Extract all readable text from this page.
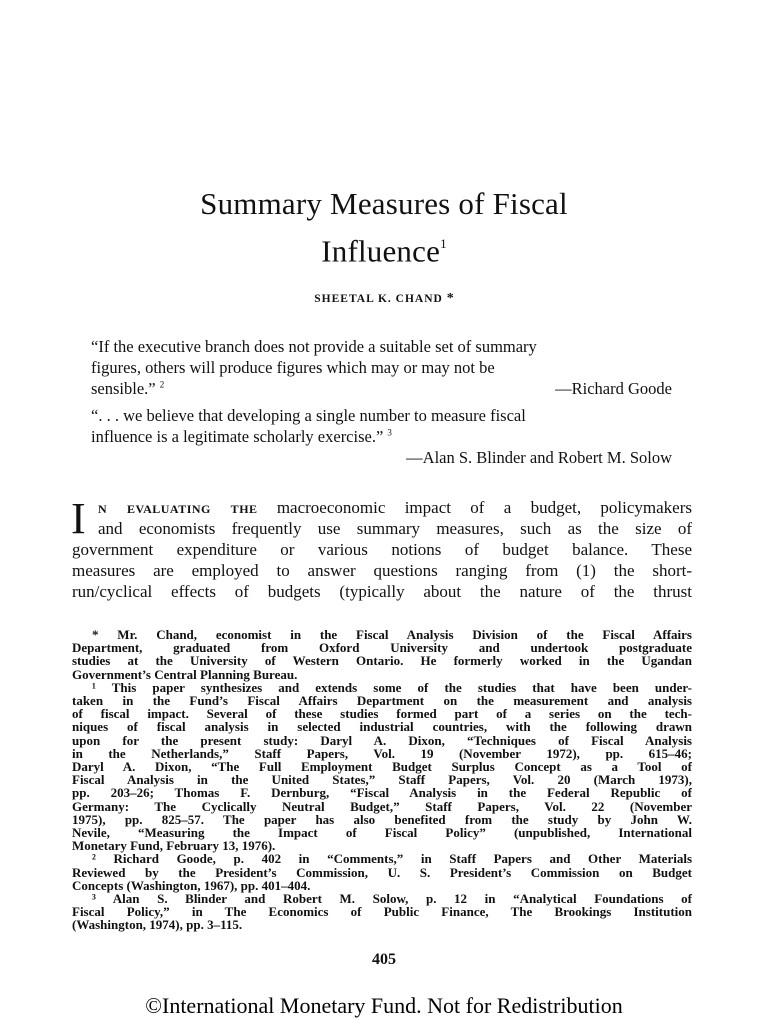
Summary Measures of Fiscal
Influence$^1$
SHEETAL K. CHAND *
“If the executive branch does not provide a suitable set of summary
figures, others will produce figures which may or may not be
sensible.” $^2$	—Richard Goode
“. . . we believe that developing a single number to measure fiscal
influence is a legitimate scholarly exercise.” $^3$
—Alan S. Blinder and Robert M. Solow
I n evaluating the macroeconomic impact of a budget, policymakers
and economists frequently use summary measures, such as the size of
government expenditure or various notions of budget balance. These
measures are employed to answer questions ranging from (1) the short-
run/cyclical effects of budgets (typically about the nature of the thrust
* Mr. Chand, economist in the Fiscal Analysis Division of the Fiscal Affairs
Department, graduated from Oxford University and undertook postgraduate
studies at the University of Western Ontario. He formerly worked in the Ugandan
Government’s Central Planning Bureau.
¹ This paper synthesizes and extends some of the studies that have been under-
taken in the Fund’s Fiscal Affairs Department on the measurement and analysis
of fiscal impact. Several of these studies formed part of a series on the tech-
niques of fiscal analysis in selected industrial countries, with the following drawn
upon for the present study: Daryl A. Dixon, “Techniques of Fiscal Analysis
in the Netherlands,” Staff Papers, Vol. 19 (November 1972), pp. 615–46;
Daryl A. Dixon, “The Full Employment Budget Surplus Concept as a Tool of
Fiscal Analysis in the United States,” Staff Papers, Vol. 20 (March 1973),
pp. 203–26; Thomas F. Dernburg, “Fiscal Analysis in the Federal Republic of
Germany: The Cyclically Neutral Budget,” Staff Papers, Vol. 22 (November
1975), pp. 825–57. The paper has also benefited from the study by John W.
Nevile, “Measuring the Impact of Fiscal Policy” (unpublished, International
Monetary Fund, February 13, 1976).
² Richard Goode, p. 402 in “Comments,” in Staff Papers and Other Materials
Reviewed by the President’s Commission, U. S. President’s Commission on Budget
Concepts (Washington, 1967), pp. 401–404.
³ Alan S. Blinder and Robert M. Solow, p. 12 in “Analytical Foundations of
Fiscal Policy,” in The Economics of Public Finance, The Brookings Institution
(Washington, 1974), pp. 3–115.
405
©International Monetary Fund. Not for Redistribution
